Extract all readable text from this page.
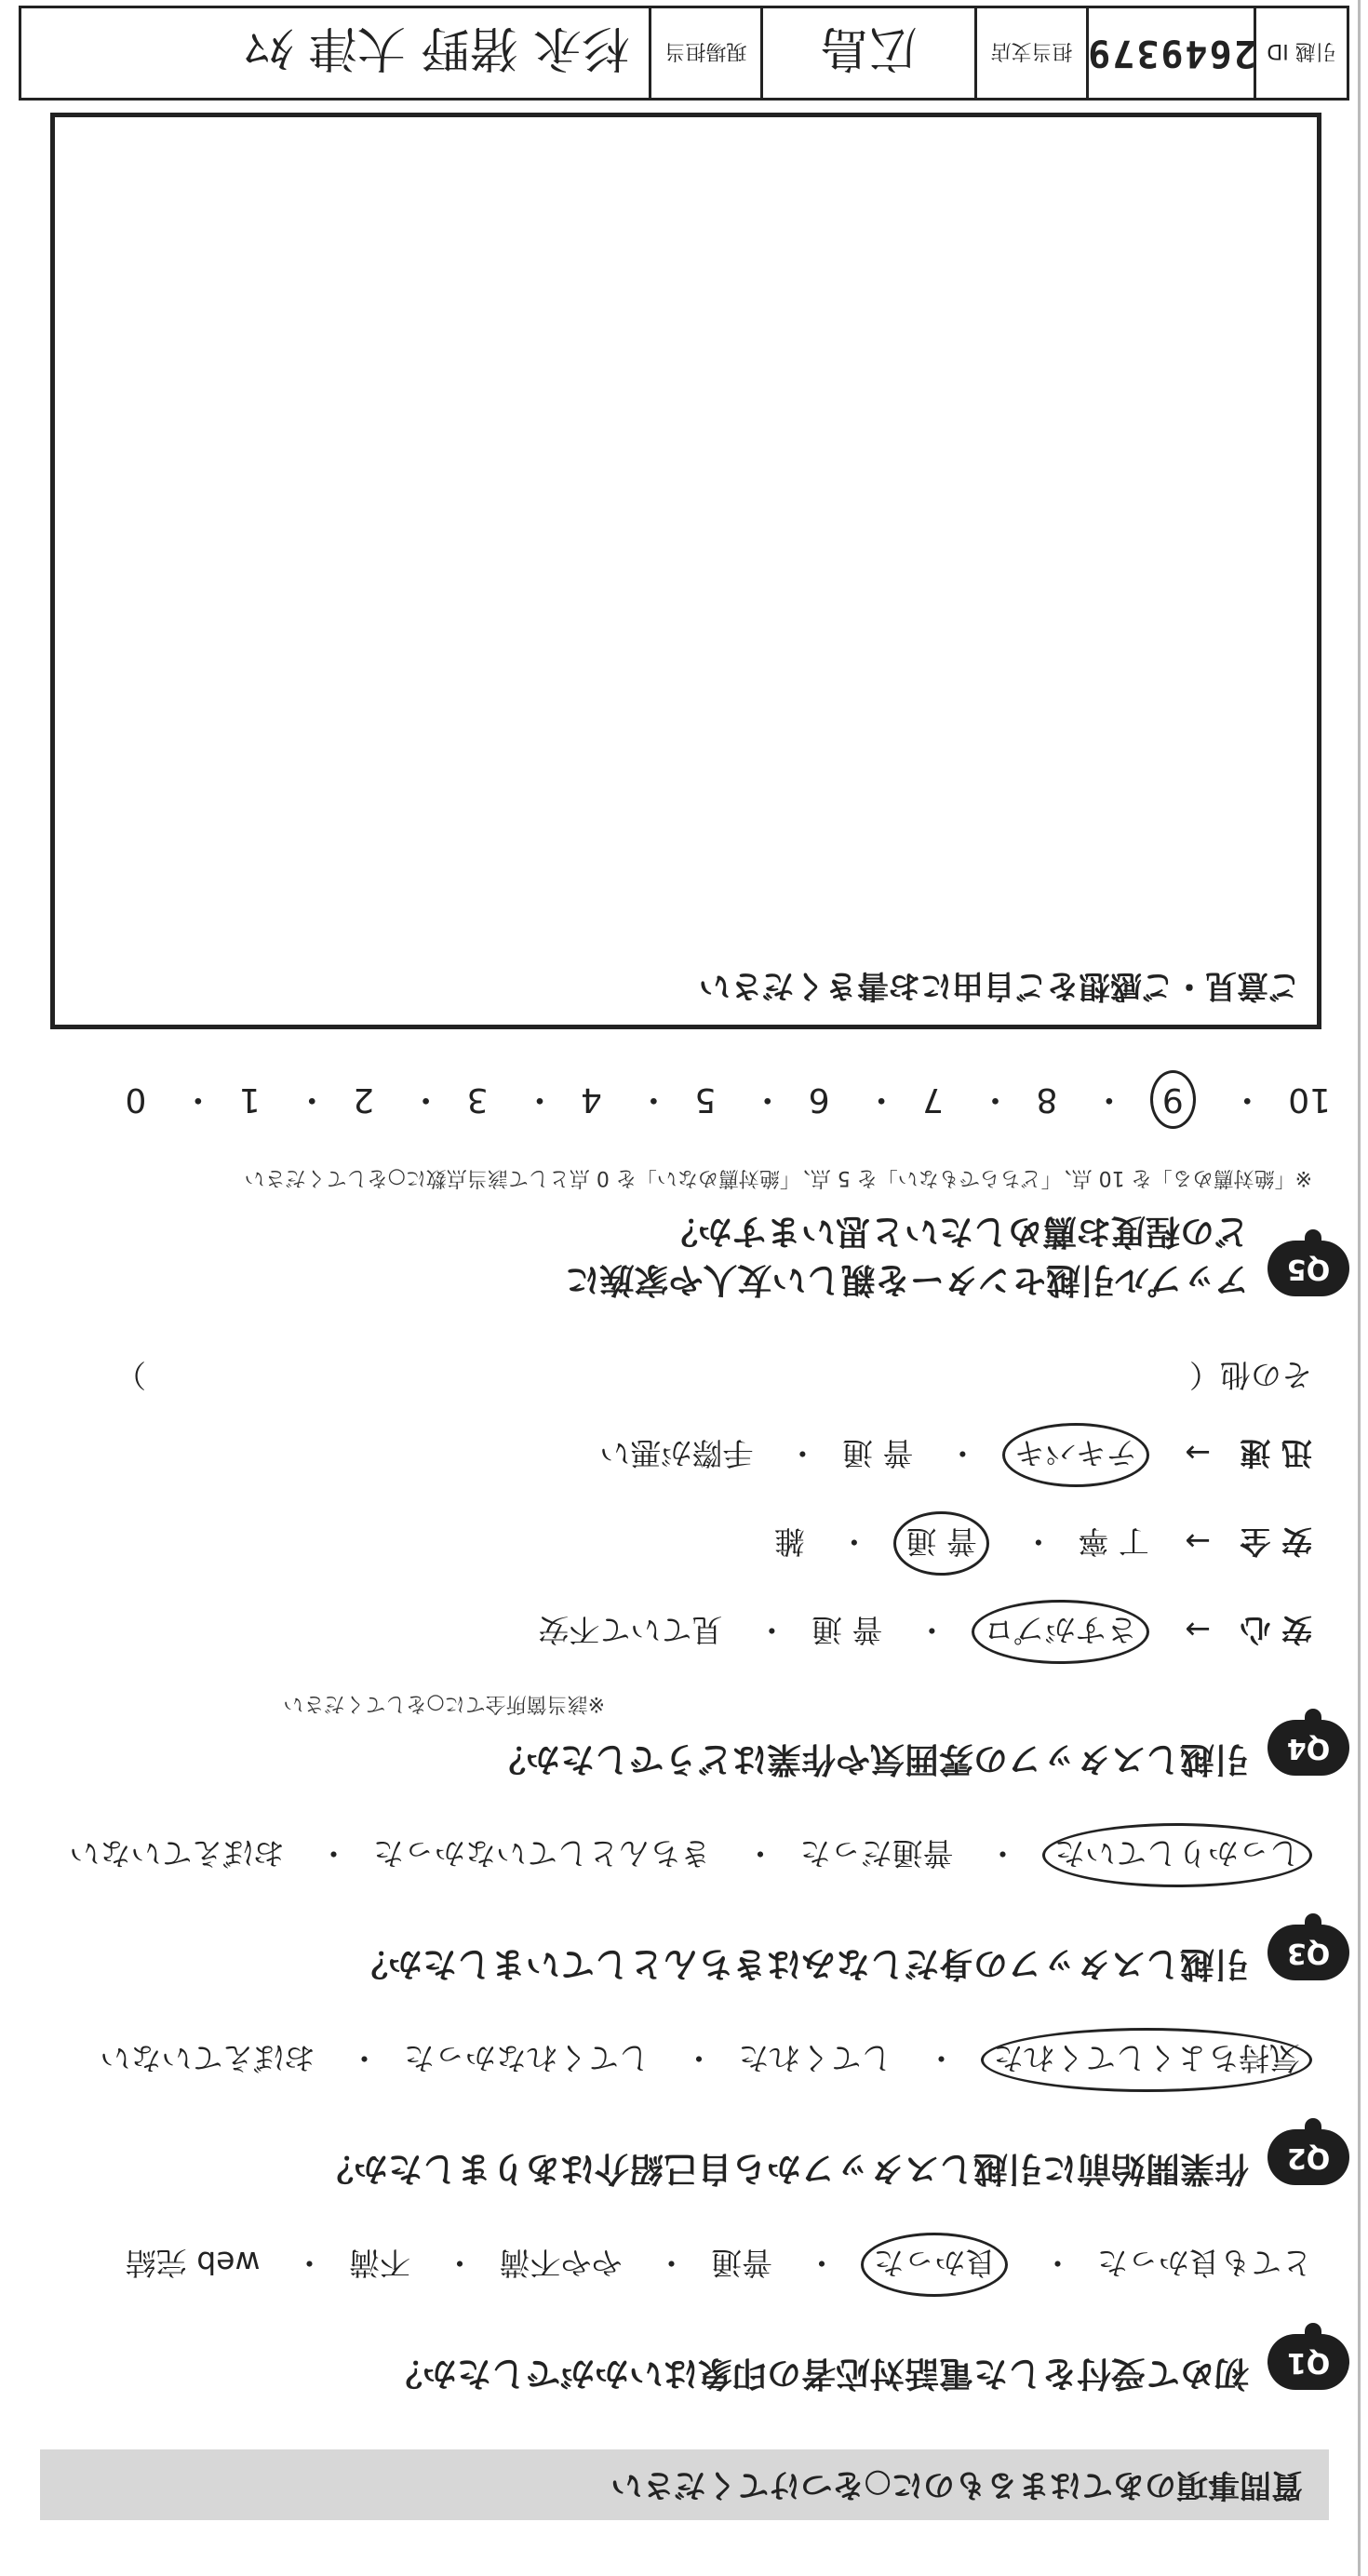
質問事項のあてはまるものに○をつけてください
Q1
初めて受付をした電話対応者の印象はいかがでしたか？
とても良かった・ 良かった・ 普通・ やや不満・ 不満・ web 完結
Q2
作業開始前に引越しスタッフから自己紹介はありましたか？
気持ちよくしてくれた・ してくれた・ してくれなかった・ おぼえていない
Q3
引越しスタッフの身だしなみはきちんとしていましたか？
しっかりしていた・ 普通だった・ きちんとしていなかった・ おぼえていない
Q4
引越しスタッフの雰囲気や作業はどうでしたか？
※該当箇所全てに○をしてください
安 心→ さすがプロ・ 普 通・ 見ていて不安
安 全→ 丁 寧・ 普 通・ 雑
迅 速→ テキパキ・ 普 通・ 手際が悪い
その他（  ）
Q5
アップル引越センターを親しい友人や家族に
どの程度お薦めしたいと思いますか？
※「絶対薦める」を 10 点、「どちらでもない」を 5 点、「絶対薦めない」を 0 点として該当点数に○をしてください
10・ 9・ 8・ 7・ 6・ 5・ 4・ 3・ 2・ 1・ 0
ご意見・ご感想をご自由にお書きください
引越 ID
2649379
担当支店
広島
現場担当
杉永 猪野 大津 ﾀﾏ
